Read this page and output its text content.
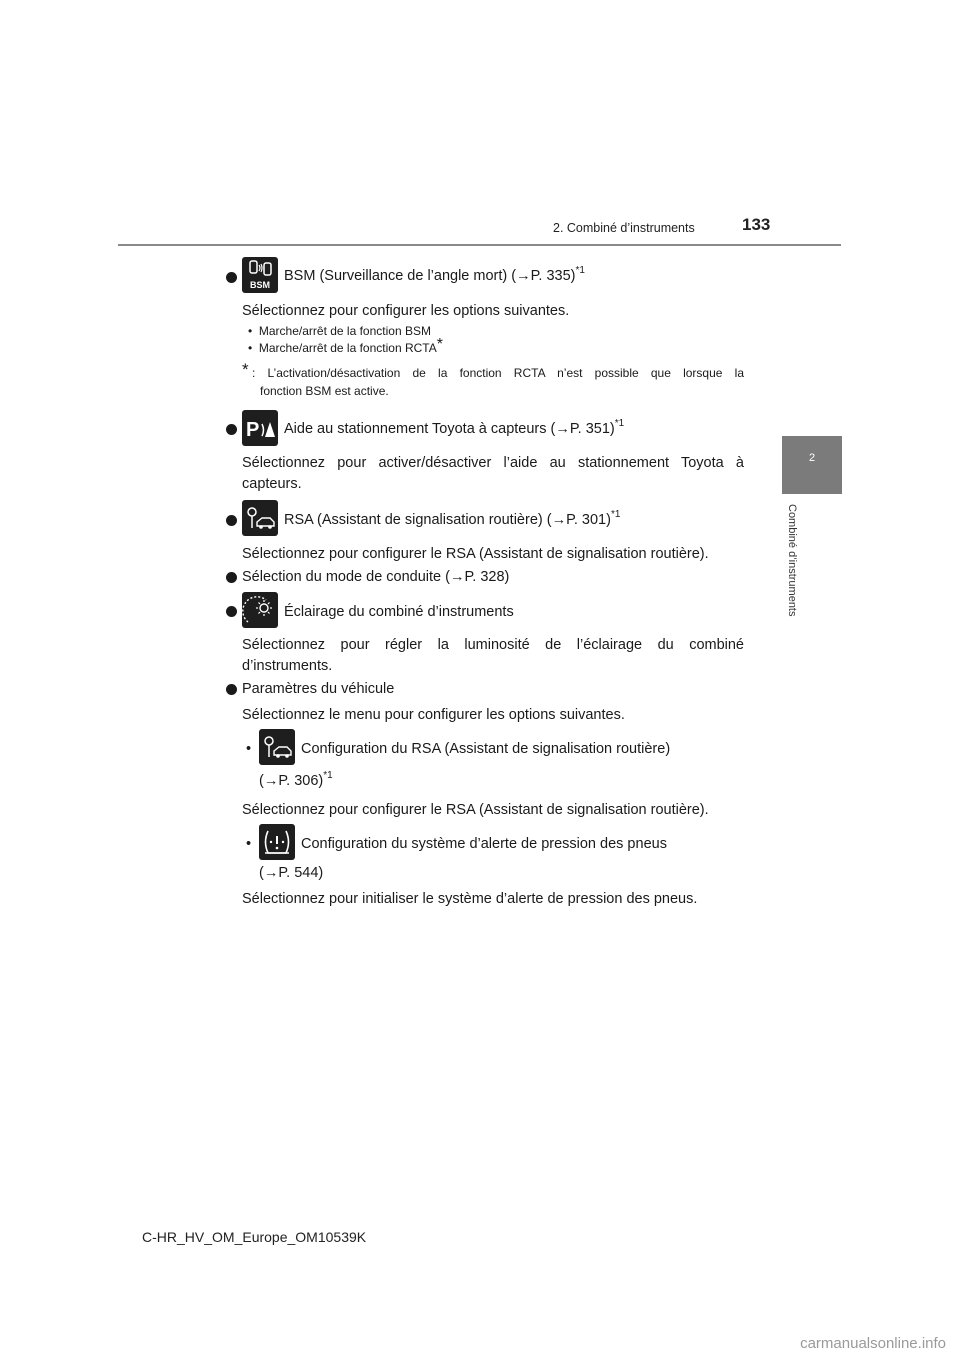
2. Combiné d’instruments	133
2
Combiné d’instruments
BSM
BSM (Surveillance de l’angle mort) (→P. 335)$^{*1}$
Sélectionnez pour configurer les options suivantes.
•  Marche/arrêt de la fonction BSM
•  Marche/arrêt de la fonction RCTA*
* : L’activation/désactivation de la fonction RCTA n’est possible que lorsque la
fonction BSM est active.
P Aide au stationnement Toyota à capteurs (→P. 351)$^{*1}$
Sélectionnez pour activer/désactiver l’aide au stationnement Toyota à
capteurs.
RSA (Assistant de signalisation routière) (→P. 301)$^{*1}$
Sélectionnez pour configurer le RSA (Assistant de signalisation routière).
Sélection du mode de conduite (→P. 328)
Éclairage du combiné d’instruments
Sélectionnez pour régler la luminosité de l’éclairage du combiné
d’instruments.
Paramètres du véhicule
Sélectionnez le menu pour configurer les options suivantes.
•	Configuration du RSA (Assistant de signalisation routière)
(→P. 306)$^{*1}$
Sélectionnez pour configurer le RSA (Assistant de signalisation routière).
•	Configuration du système d’alerte de pression des pneus
(→P. 544)
Sélectionnez pour initialiser le système d’alerte de pression des pneus.
C-HR_HV_OM_Europe_OM10539K
carmanualsonline.info
